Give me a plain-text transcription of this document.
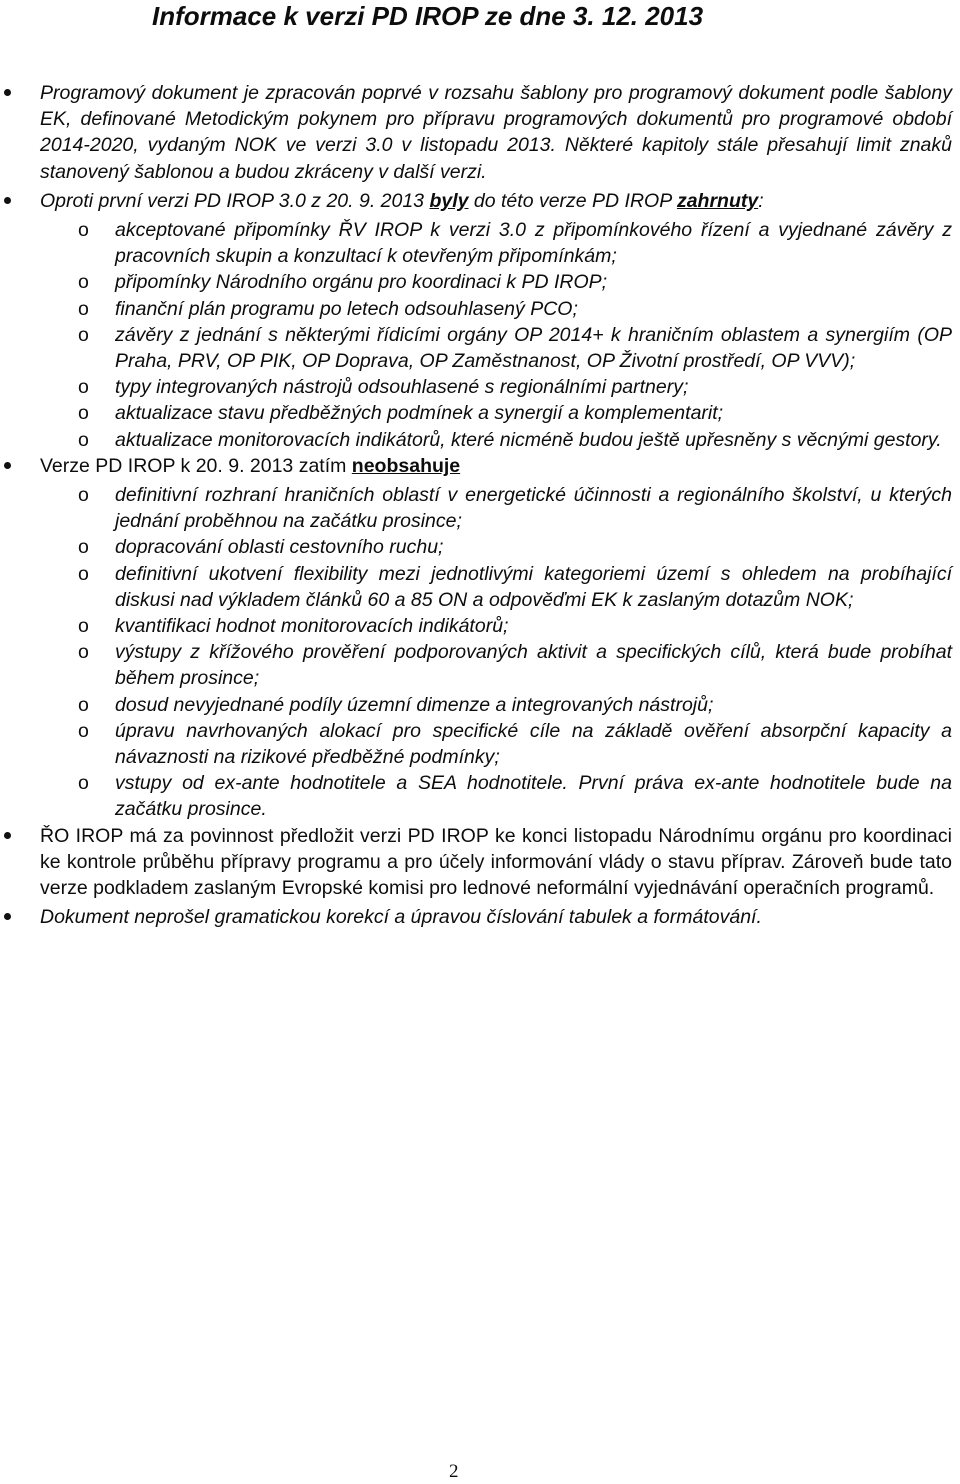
Informace k verzi PD IROP ze dne 3. 12. 2013
Programový dokument je zpracován poprvé v rozsahu šablony pro programový dokument podle šablony EK, definované Metodickým pokynem pro přípravu programových dokumentů pro programové období 2014-2020, vydaným NOK ve verzi 3.0 v listopadu 2013. Některé kapitoly stále přesahují limit znaků stanovený šablonou a budou zkráceny v další verzi.
Oproti první verzi PD IROP 3.0 z 20. 9. 2013 byly do této verze PD IROP zahrnuty:
o akceptované připomínky ŘV IROP k verzi 3.0 z připomínkového řízení a vyjednané závěry z pracovních skupin a konzultací k otevřeným připomínkám;
o připomínky Národního orgánu pro koordinaci k PD IROP;
o finanční plán programu po letech odsouhlasený PCO;
o závěry z jednání s některými řídicími orgány OP 2014+ k hraničním oblastem a synergiím (OP Praha, PRV, OP PIK, OP Doprava, OP Zaměstnanost, OP Životní prostředí, OP VVV);
o typy integrovaných nástrojů odsouhlasené s regionálními partnery;
o aktualizace stavu předběžných podmínek a synergií a komplementarit;
o aktualizace monitorovacích indikátorů, které nicméně budou ještě upřesněny s věcnými gestory.
Verze PD IROP k 20. 9. 2013 zatím neobsahuje
o definitivní rozhraní hraničních oblastí v energetické účinnosti a regionálního školství, u kterých jednání proběhnou na začátku prosince;
o dopracování oblasti cestovního ruchu;
o definitivní ukotvení flexibility mezi jednotlivými kategoriemi území s ohledem na probíhající diskusi nad výkladem článků 60 a 85 ON a odpověďmi EK k zaslaným dotazům NOK;
o kvantifikaci hodnot monitorovacích indikátorů;
o výstupy z křížového prověření podporovaných aktivit a specifických cílů, která bude probíhat během prosince;
o dosud nevyjednané podíly územní dimenze a integrovaných nástrojů;
o úpravu navrhovaných alokací pro specifické cíle na základě ověření absorpční kapacity a návaznosti na rizikové předběžné podmínky;
o vstupy od ex-ante hodnotitele a SEA hodnotitele. První práva ex-ante hodnotitele bude na začátku prosince.
ŘO IROP má za povinnost předložit verzi PD IROP ke konci listopadu Národnímu orgánu pro koordinaci ke kontrole průběhu přípravy programu a pro účely informování vlády o stavu příprav. Zároveň bude tato verze podkladem zaslaným Evropské komisi pro lednové neformální vyjednávání operačních programů.
Dokument neprošel gramatickou korekcí a úpravou číslování tabulek a formátování.

2
